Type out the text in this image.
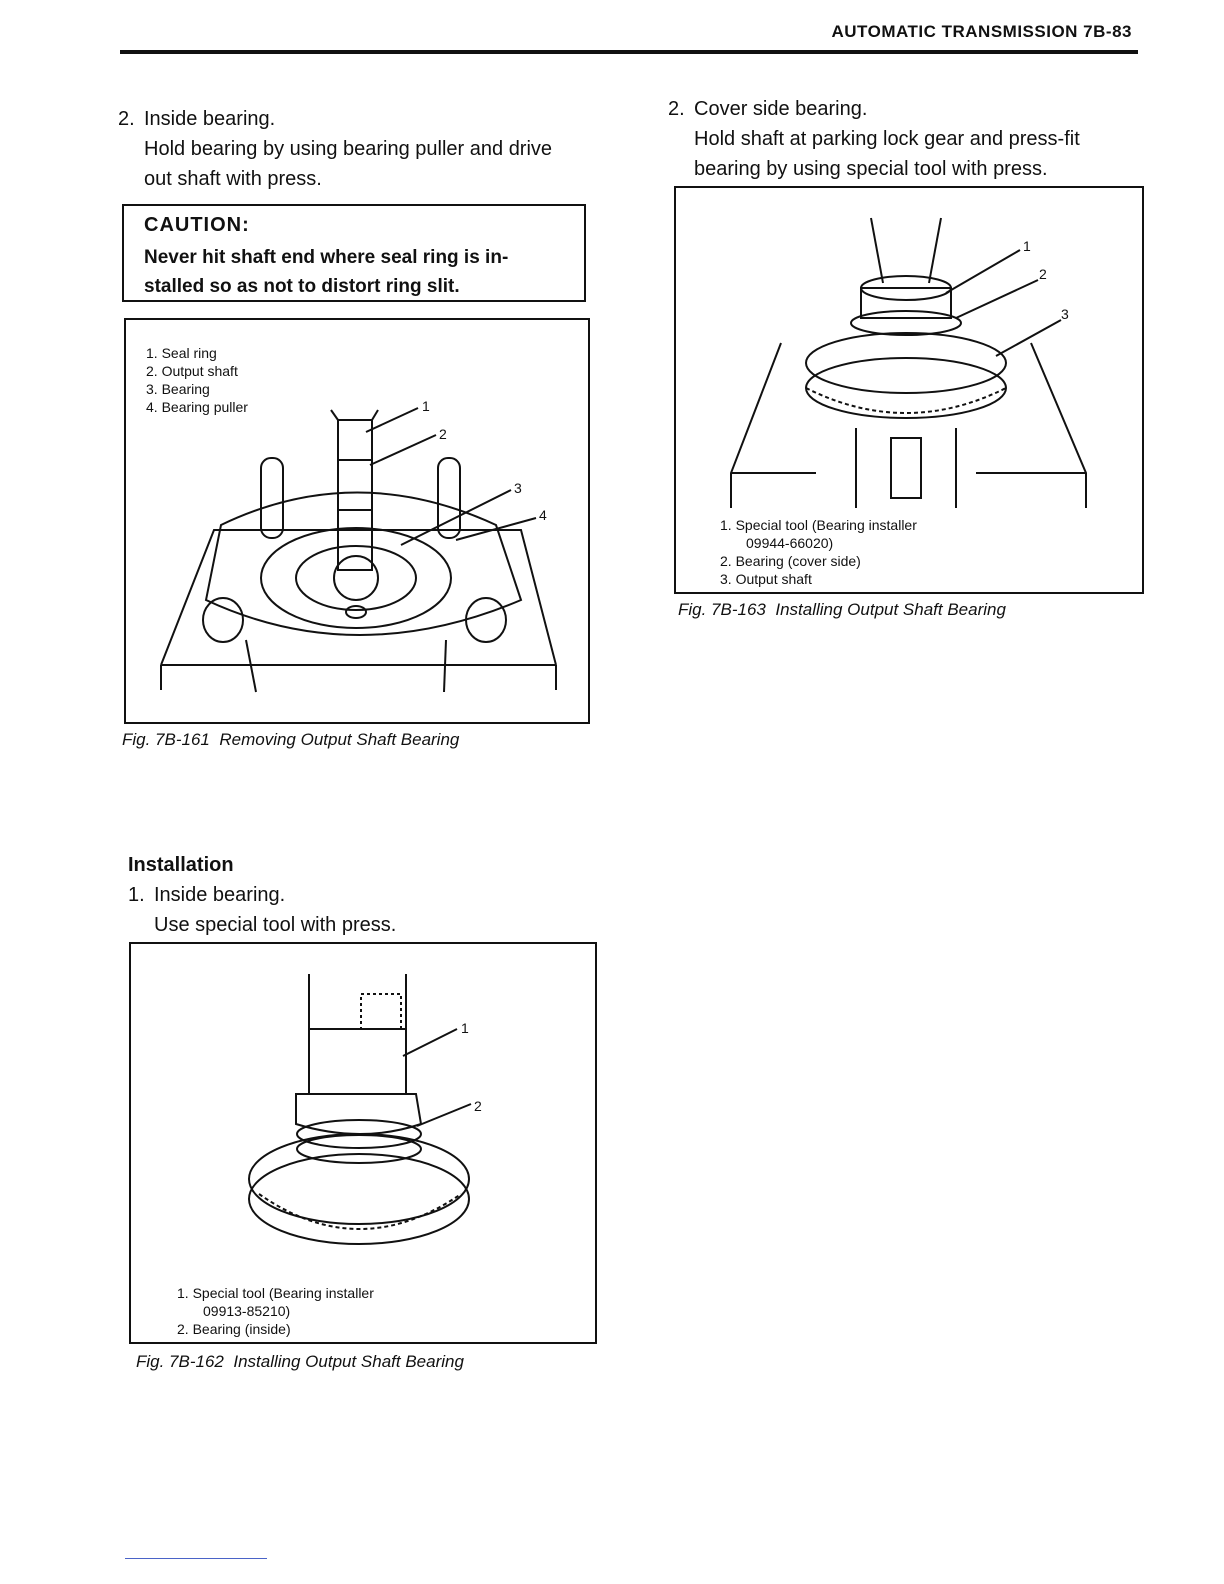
AUTOMATIC TRANSMISSION 7B-83
2. Inside bearing.
Hold bearing by using bearing puller and drive
out shaft with press.
CAUTION:
Never hit shaft end where seal ring is in-
stalled so as not to distort ring slit.
1. Seal ring
2. Output shaft
3. Bearing
4. Bearing puller	1
2
3
4
Fig. 7B-161 Removing Output Shaft Bearing
Installation
1. Inside bearing.
Use special tool with press.
1
2
1. Special tool (Bearing installer
09913-85210)
2. Bearing (inside)
Fig. 7B-162 Installing Output Shaft Bearing
2. Cover side bearing.
Hold shaft at parking lock gear and press-fit
bearing by using special tool with press.
1
2
3
1. Special tool (Bearing installer
09944-66020)
2. Bearing (cover side)
3. Output shaft
Fig. 7B-163 Installing Output Shaft Bearing
